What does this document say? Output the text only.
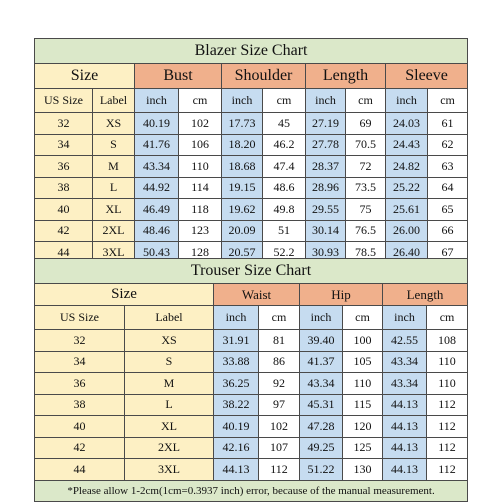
Blazer Size Chart									
Size		Bust		Shoulder		Length		Sleeve	
US Size	Label	inch	cm	inch	cm	inch	cm	inch	cm
32	XS	40.19	102	17.73	45	27.19	69	24.03	61
34	S	41.76	106	18.20	46.2	27.78	70.5	24.43	62
36	M	43.34	110	18.68	47.4	28.37	72	24.82	63
38	L	44.92	114	19.15	48.6	28.96	73.5	25.22	64
40	XL	46.49	118	19.62	49.8	29.55	75	25.61	65
42	2XL	48.46	123	20.09	51	30.14	76.5	26.00	66
44	3XL	50.43	128	20.57	52.2	30.93	78.5	26.40	67
Trouser Size Chart							
Size		Waist		Hip		Length	
US Size	Label	inch	cm	inch	cm	inch	cm
32	XS	31.91	81	39.40	100	42.55	108
34	S	33.88	86	41.37	105	43.34	110
36	M	36.25	92	43.34	110	43.34	110
38	L	38.22	97	45.31	115	44.13	112
40	XL	40.19	102	47.28	120	44.13	112
42	2XL	42.16	107	49.25	125	44.13	112
44	3XL	44.13	112	51.22	130	44.13	112
*Please allow 1-2cm(1cm=0.3937 inch) error, because of the manual measurement.							
